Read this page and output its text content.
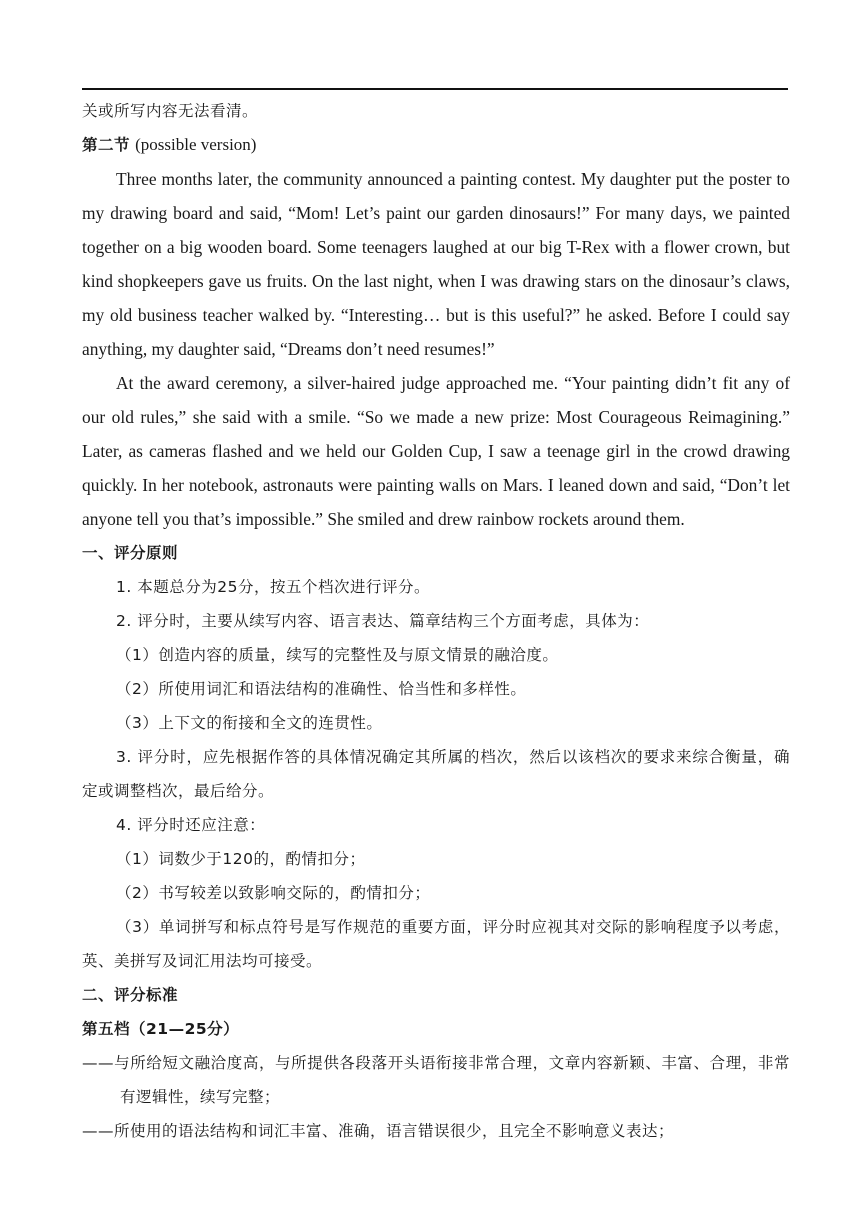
关或所写内容无法看清。

第二节 (possible version)

Three months later, the community announced a painting contest. My daughter put the poster to my drawing board and said, “Mom! Let’s paint our garden dinosaurs!” For many days, we painted together on a big wooden board. Some teenagers laughed at our big T-Rex with a flower crown, but kind shopkeepers gave us fruits. On the last night, when I was drawing stars on the dinosaur’s claws, my old business teacher walked by. “Interesting… but is this useful?” he asked. Before I could say anything, my daughter said, “Dreams don’t need resumes!”

At the award ceremony, a silver-haired judge approached me. “Your painting didn’t fit any of our old rules,” she said with a smile. “So we made a new prize: Most Courageous Reimagining.” Later, as cameras flashed and we held our Golden Cup, I saw a teenage girl in the crowd drawing quickly. In her notebook, astronauts were painting walls on Mars. I leaned down and said, “Don’t let anyone tell you that’s impossible.” She smiled and drew rainbow rockets around them.

一、评分原则

1. 本题总分为25分，按五个档次进行评分。

2. 评分时，主要从续写内容、语言表达、篇章结构三个方面考虑，具体为：

（1）创造内容的质量，续写的完整性及与原文情景的融洽度。

（2）所使用词汇和语法结构的准确性、恰当性和多样性。

（3）上下文的衔接和全文的连贯性。

3. 评分时，应先根据作答的具体情况确定其所属的档次，然后以该档次的要求来综合衡量，确定或调整档次，最后给分。

4. 评分时还应注意：

（1）词数少于120的，酌情扣分；

（2）书写较差以致影响交际的，酌情扣分；

（3）单词拼写和标点符号是写作规范的重要方面，评分时应视其对交际的影响程度予以考虑，英、美拼写及词汇用法均可接受。

二、评分标准

第五档（21—25分）

——与所给短文融洽度高，与所提供各段落开头语衔接非常合理，文章内容新颖、丰富、合理，非常有逻辑性，续写完整；

——所使用的语法结构和词汇丰富、准确，语言错误很少，且完全不影响意义表达；
